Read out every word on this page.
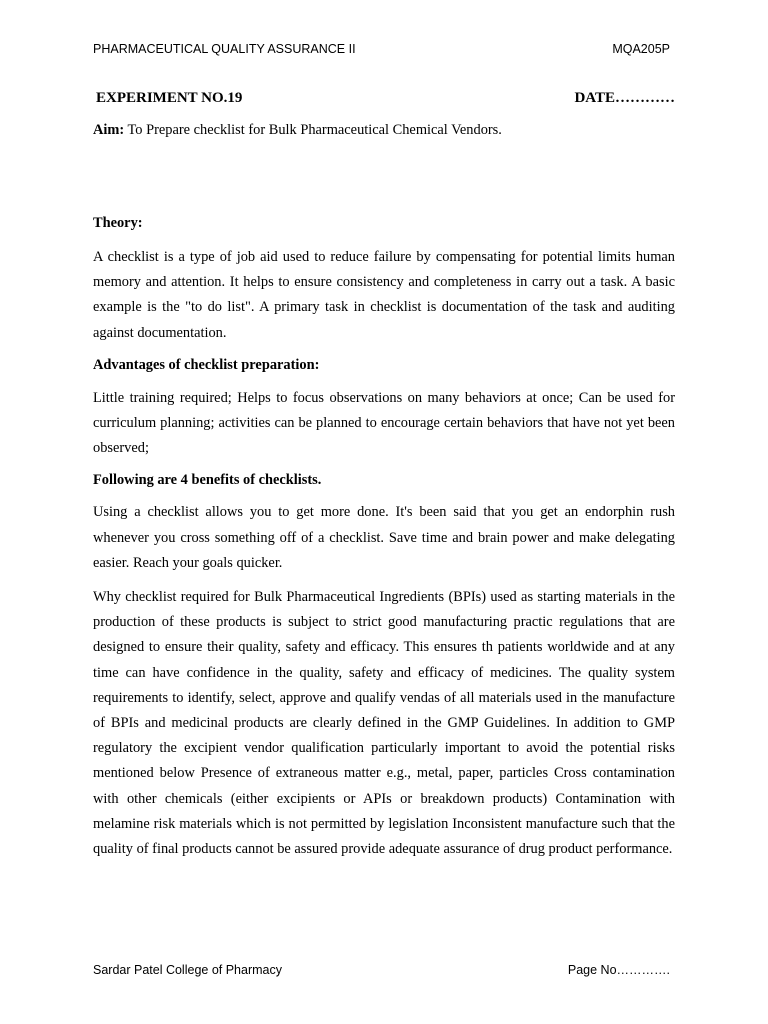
PHARMACEUTICAL QUALITY ASSURANCE II	MQA205P
EXPERIMENT NO.19	DATE…………
Aim: To Prepare checklist for Bulk Pharmaceutical Chemical Vendors.
Theory:

A checklist is a type of job aid used to reduce failure by compensating for potential limits human memory and attention. It helps to ensure consistency and completeness in carry out a task. A basic example is the "to do list". A primary task in checklist is documentation of the task and auditing against documentation.

Advantages of checklist preparation:

Little training required; Helps to focus observations on many behaviors at once; Can be used for curriculum planning; activities can be planned to encourage certain behaviors that have not yet been observed;

Following are 4 benefits of checklists.

Using a checklist allows you to get more done. It's been said that you get an endorphin rush whenever you cross something off of a checklist. Save time and brain power and make delegating easier. Reach your goals quicker.

Why checklist required for Bulk Pharmaceutical Ingredients (BPIs) used as starting materials in the production of these products is subject to strict good manufacturing practic regulations that are designed to ensure their quality, safety and efficacy. This ensures th patients worldwide and at any time can have confidence in the quality, safety and efficacy of medicines. The quality system requirements to identify, select, approve and qualify vendas of all materials used in the manufacture of BPIs and medicinal products are clearly defined in the GMP Guidelines. In addition to GMP regulatory the excipient vendor qualification particularly important to avoid the potential risks mentioned below Presence of extraneous matter e.g., metal, paper, particles Cross contamination with other chemicals (either excipients or APIs or breakdown products) Contamination with melamine risk materials which is not permitted by legislation Inconsistent manufacture such that the quality of final products cannot be assured provide adequate assurance of drug product performance.

Sardar Patel College of Pharmacy	Page No………….
